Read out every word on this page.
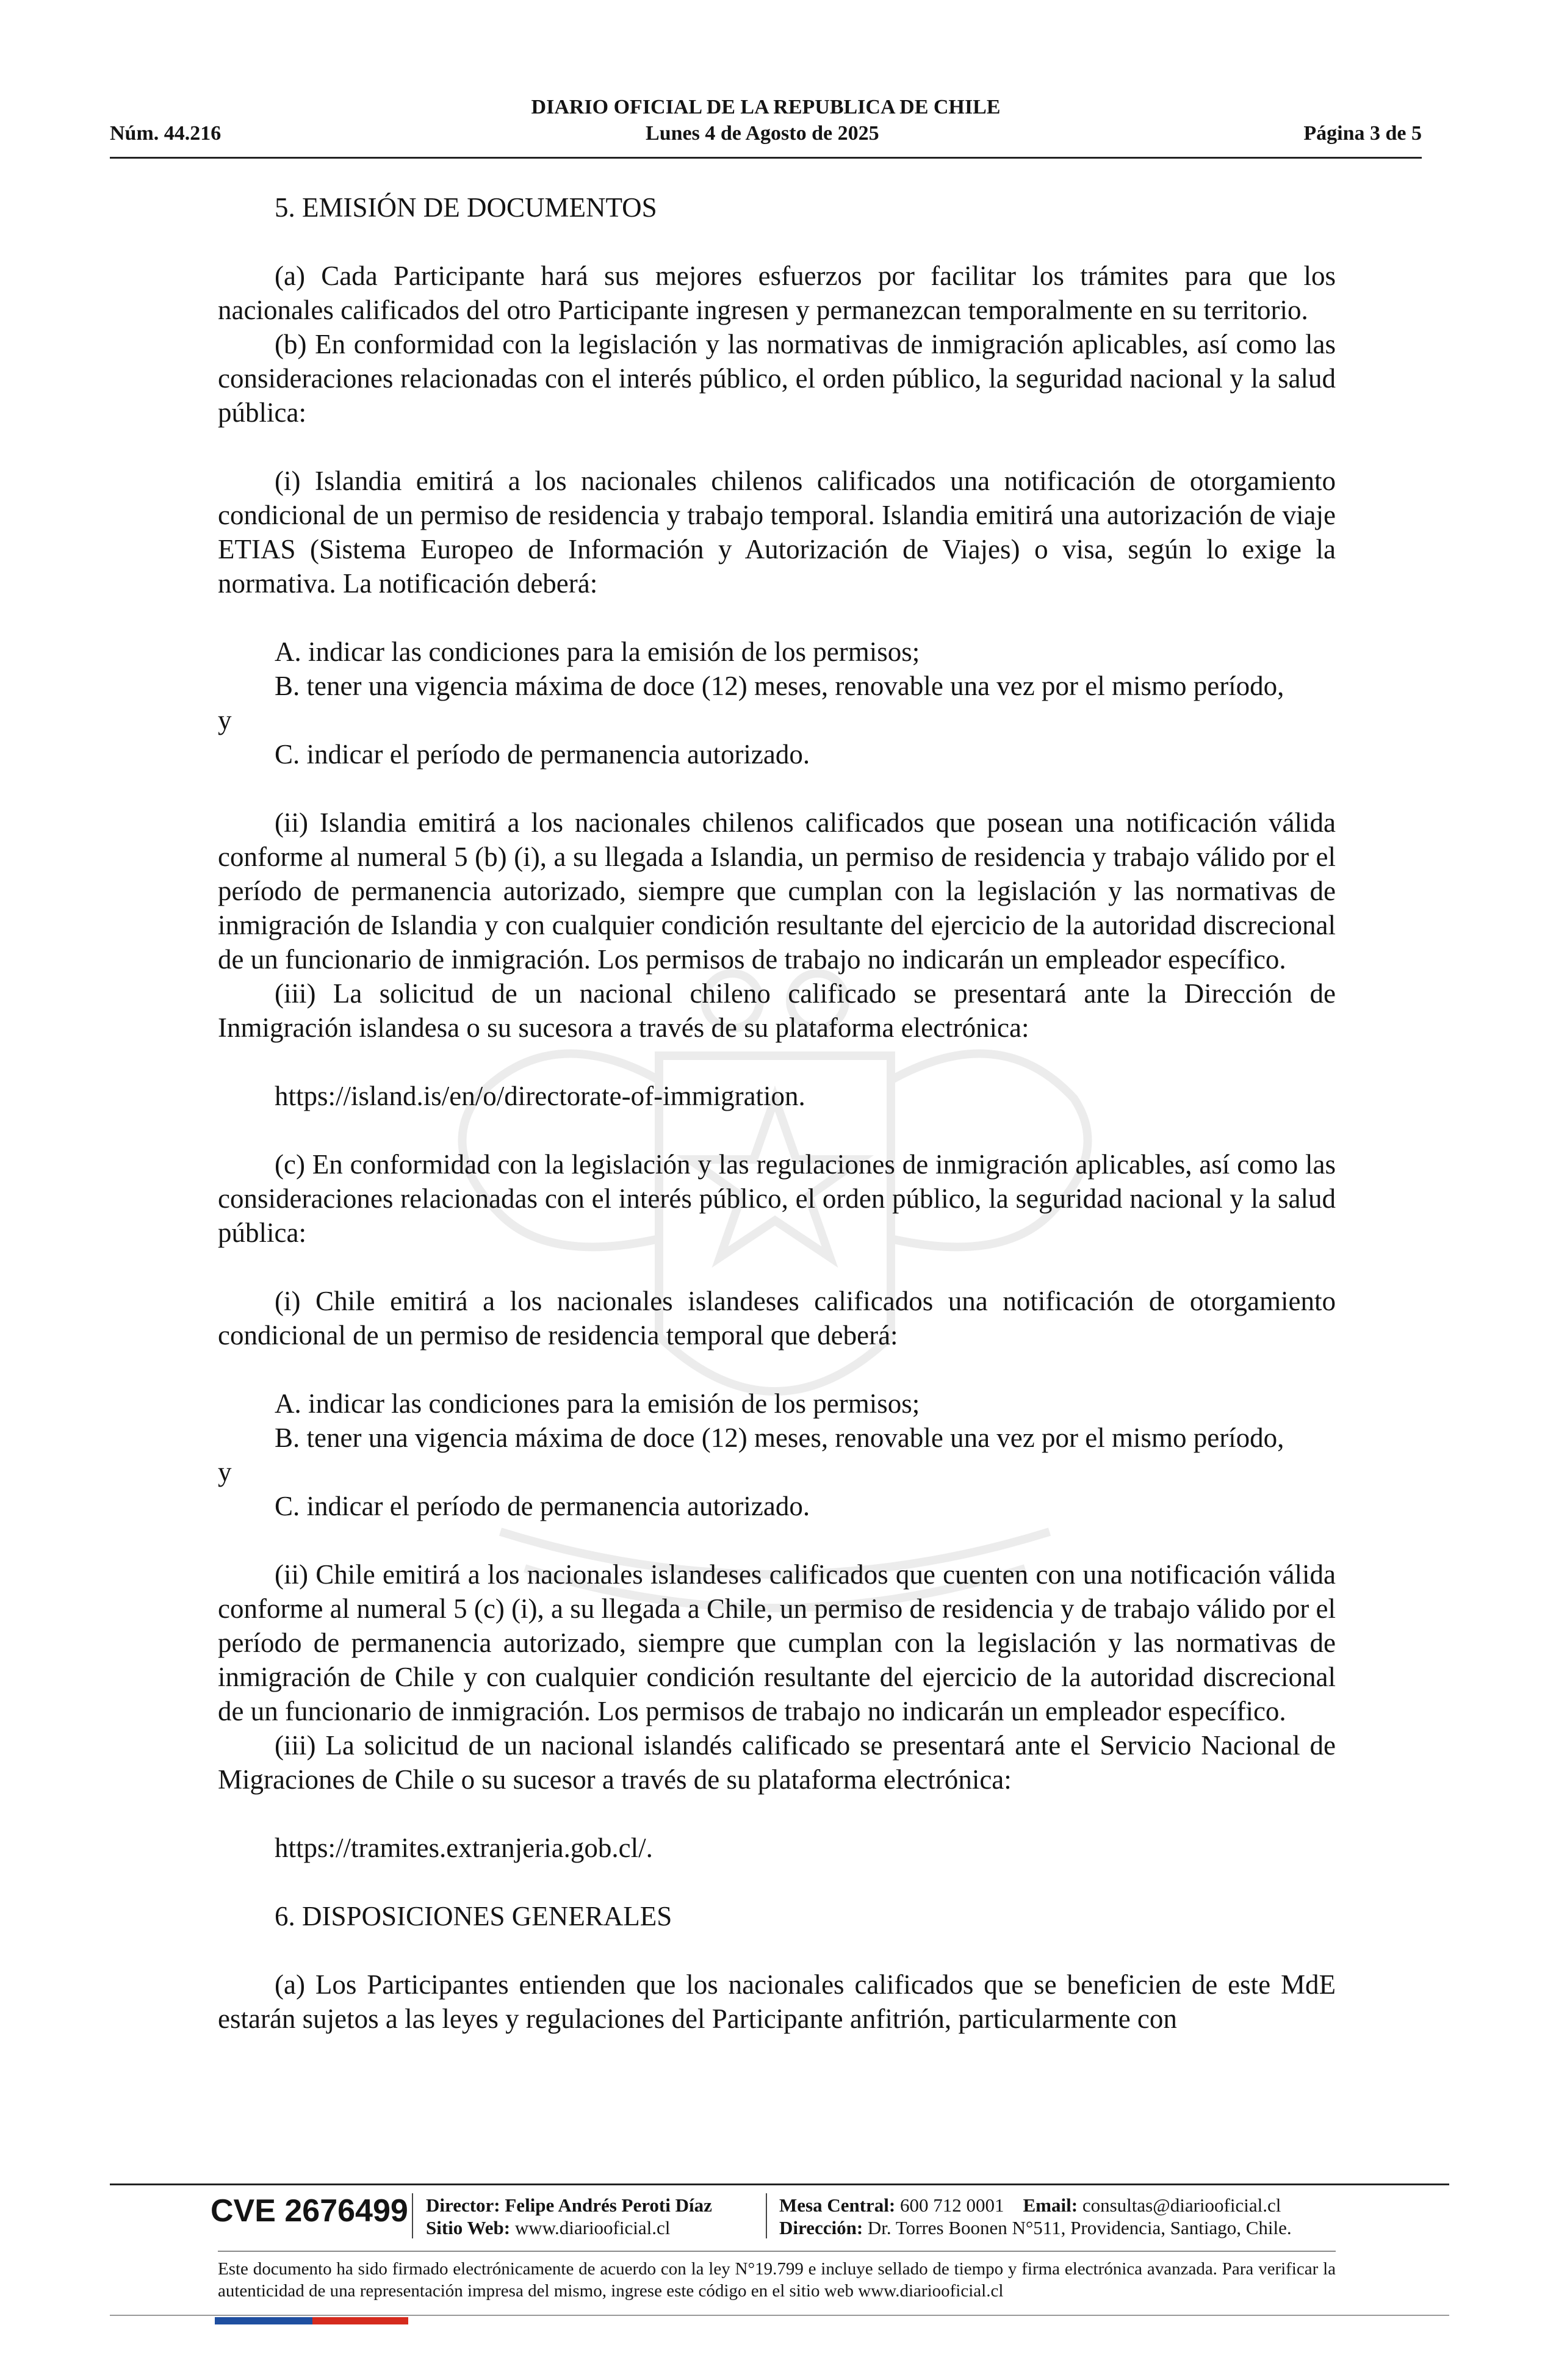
DIARIO OFICIAL DE LA REPUBLICA DE CHILE
Núm. 44.216	Lunes 4 de Agosto de 2025	Página 3 de 5

5. EMISIÓN DE DOCUMENTOS

(a) Cada Participante hará sus mejores esfuerzos por facilitar los trámites para que los nacionales calificados del otro Participante ingresen y permanezcan temporalmente en su territorio.

(b) En conformidad con la legislación y las normativas de inmigración aplicables, así como las consideraciones relacionadas con el interés público, el orden público, la seguridad nacional y la salud pública:

(i) Islandia emitirá a los nacionales chilenos calificados una notificación de otorgamiento condicional de un permiso de residencia y trabajo temporal. Islandia emitirá una autorización de viaje ETIAS (Sistema Europeo de Información y Autorización de Viajes) o visa, según lo exige la normativa. La notificación deberá:

A. indicar las condiciones para la emisión de los permisos;

B. tener una vigencia máxima de doce (12) meses, renovable una vez por el mismo período,

y

C. indicar el período de permanencia autorizado.

(ii) Islandia emitirá a los nacionales chilenos calificados que posean una notificación válida conforme al numeral 5 (b) (i), a su llegada a Islandia, un permiso de residencia y trabajo válido por el período de permanencia autorizado, siempre que cumplan con la legislación y las normativas de inmigración de Islandia y con cualquier condición resultante del ejercicio de la autoridad discrecional de un funcionario de inmigración. Los permisos de trabajo no indicarán un empleador específico.

(iii) La solicitud de un nacional chileno calificado se presentará ante la Dirección de Inmigración islandesa o su sucesora a través de su plataforma electrónica:

https://island.is/en/o/directorate-of-immigration.

(c) En conformidad con la legislación y las regulaciones de inmigración aplicables, así como las consideraciones relacionadas con el interés público, el orden público, la seguridad nacional y la salud pública:

(i) Chile emitirá a los nacionales islandeses calificados una notificación de otorgamiento condicional de un permiso de residencia temporal que deberá:

A. indicar las condiciones para la emisión de los permisos;

B. tener una vigencia máxima de doce (12) meses, renovable una vez por el mismo período,

y

C. indicar el período de permanencia autorizado.

(ii) Chile emitirá a los nacionales islandeses calificados que cuenten con una notificación válida conforme al numeral 5 (c) (i), a su llegada a Chile, un permiso de residencia y de trabajo válido por el período de permanencia autorizado, siempre que cumplan con la legislación y las normativas de inmigración de Chile y con cualquier condición resultante del ejercicio de la autoridad discrecional de un funcionario de inmigración. Los permisos de trabajo no indicarán un empleador específico.

(iii) La solicitud de un nacional islandés calificado se presentará ante el Servicio Nacional de Migraciones de Chile o su sucesor a través de su plataforma electrónica:

https://tramites.extranjeria.gob.cl/.

6. DISPOSICIONES GENERALES

(a) Los Participantes entienden que los nacionales calificados que se beneficien de este MdE estarán sujetos a las leyes y regulaciones del Participante anfitrión, particularmente con

CVE 2676499 Director: Felipe Andrés Peroti Díaz
Sitio Web: www.diariooficial.cl
Mesa Central: 600 712 0001 Email: consultas@diariooficial.cl
Dirección: Dr. Torres Boonen N°511, Providencia, Santiago, Chile.
Este documento ha sido firmado electrónicamente de acuerdo con la ley N°19.799 e incluye sellado de tiempo y firma electrónica avanzada. Para verificar la autenticidad de una representación impresa del mismo, ingrese este código en el sitio web www.diariooficial.cl
